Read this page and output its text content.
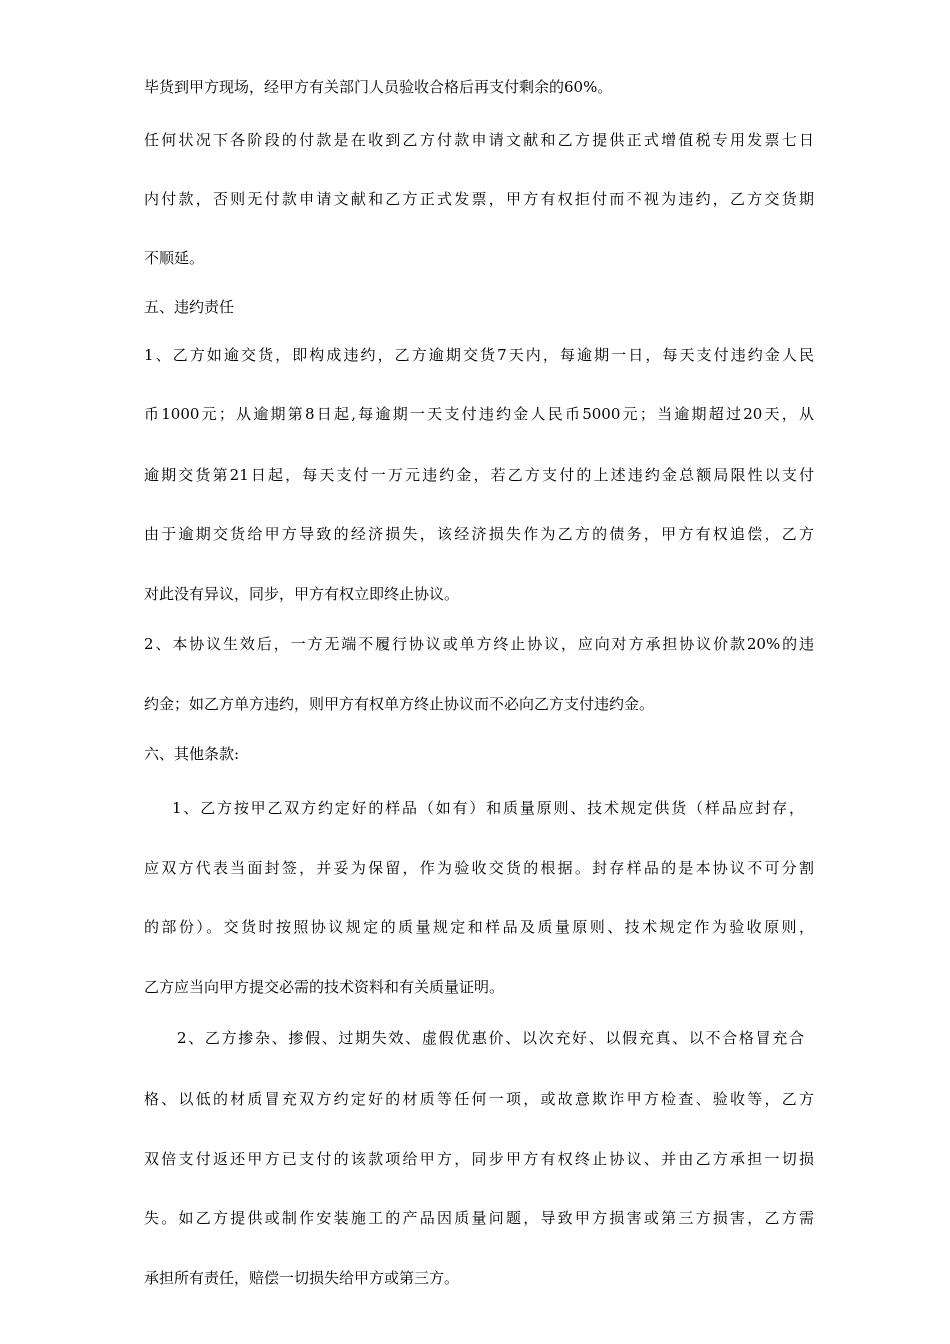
毕货到甲方现场，经甲方有关部门人员验收合格后再支付剩余的60%。
任何状况下各阶段的付款是在收到乙方付款申请文献和乙方提供正式增值税专用发票七日
内付款，否则无付款申请文献和乙方正式发票，甲方有权拒付而不视为违约，乙方交货期
不顺延。
五、违约责任
1、乙方如逾交货，即构成违约，乙方逾期交货7天内，每逾期一日，每天支付违约金人民
币1000元；从逾期第8日起,每逾期一天支付违约金人民币5000元；当逾期超过20天，从
逾期交货第21日起，每天支付一万元违约金，若乙方支付的上述违约金总额局限性以支付
由于逾期交货给甲方导致的经济损失，该经济损失作为乙方的债务，甲方有权追偿，乙方
对此没有异议，同步，甲方有权立即终止协议。
2、本协议生效后，一方无端不履行协议或单方终止协议，应向对方承担协议价款20%的违
约金；如乙方单方违约，则甲方有权单方终止协议而不必向乙方支付违约金。
六、其他条款:
1、乙方按甲乙双方约定好的样品（如有）和质量原则、技术规定供货（样品应封存，
应双方代表当面封签，并妥为保留，作为验收交货的根据。封存样品的是本协议不可分割
的部份）。交货时按照协议规定的质量规定和样品及质量原则、技术规定作为验收原则，
乙方应当向甲方提交必需的技术资料和有关质量证明。
2、乙方掺杂、掺假、过期失效、虚假优惠价、以次充好、以假充真、以不合格冒充合
格、以低的材质冒充双方约定好的材质等任何一项，或故意欺诈甲方检查、验收等，乙方
双倍支付返还甲方已支付的该款项给甲方，同步甲方有权终止协议、并由乙方承担一切损
失。如乙方提供或制作安装施工的产品因质量问题，导致甲方损害或第三方损害，乙方需
承担所有责任，赔偿一切损失给甲方或第三方。
